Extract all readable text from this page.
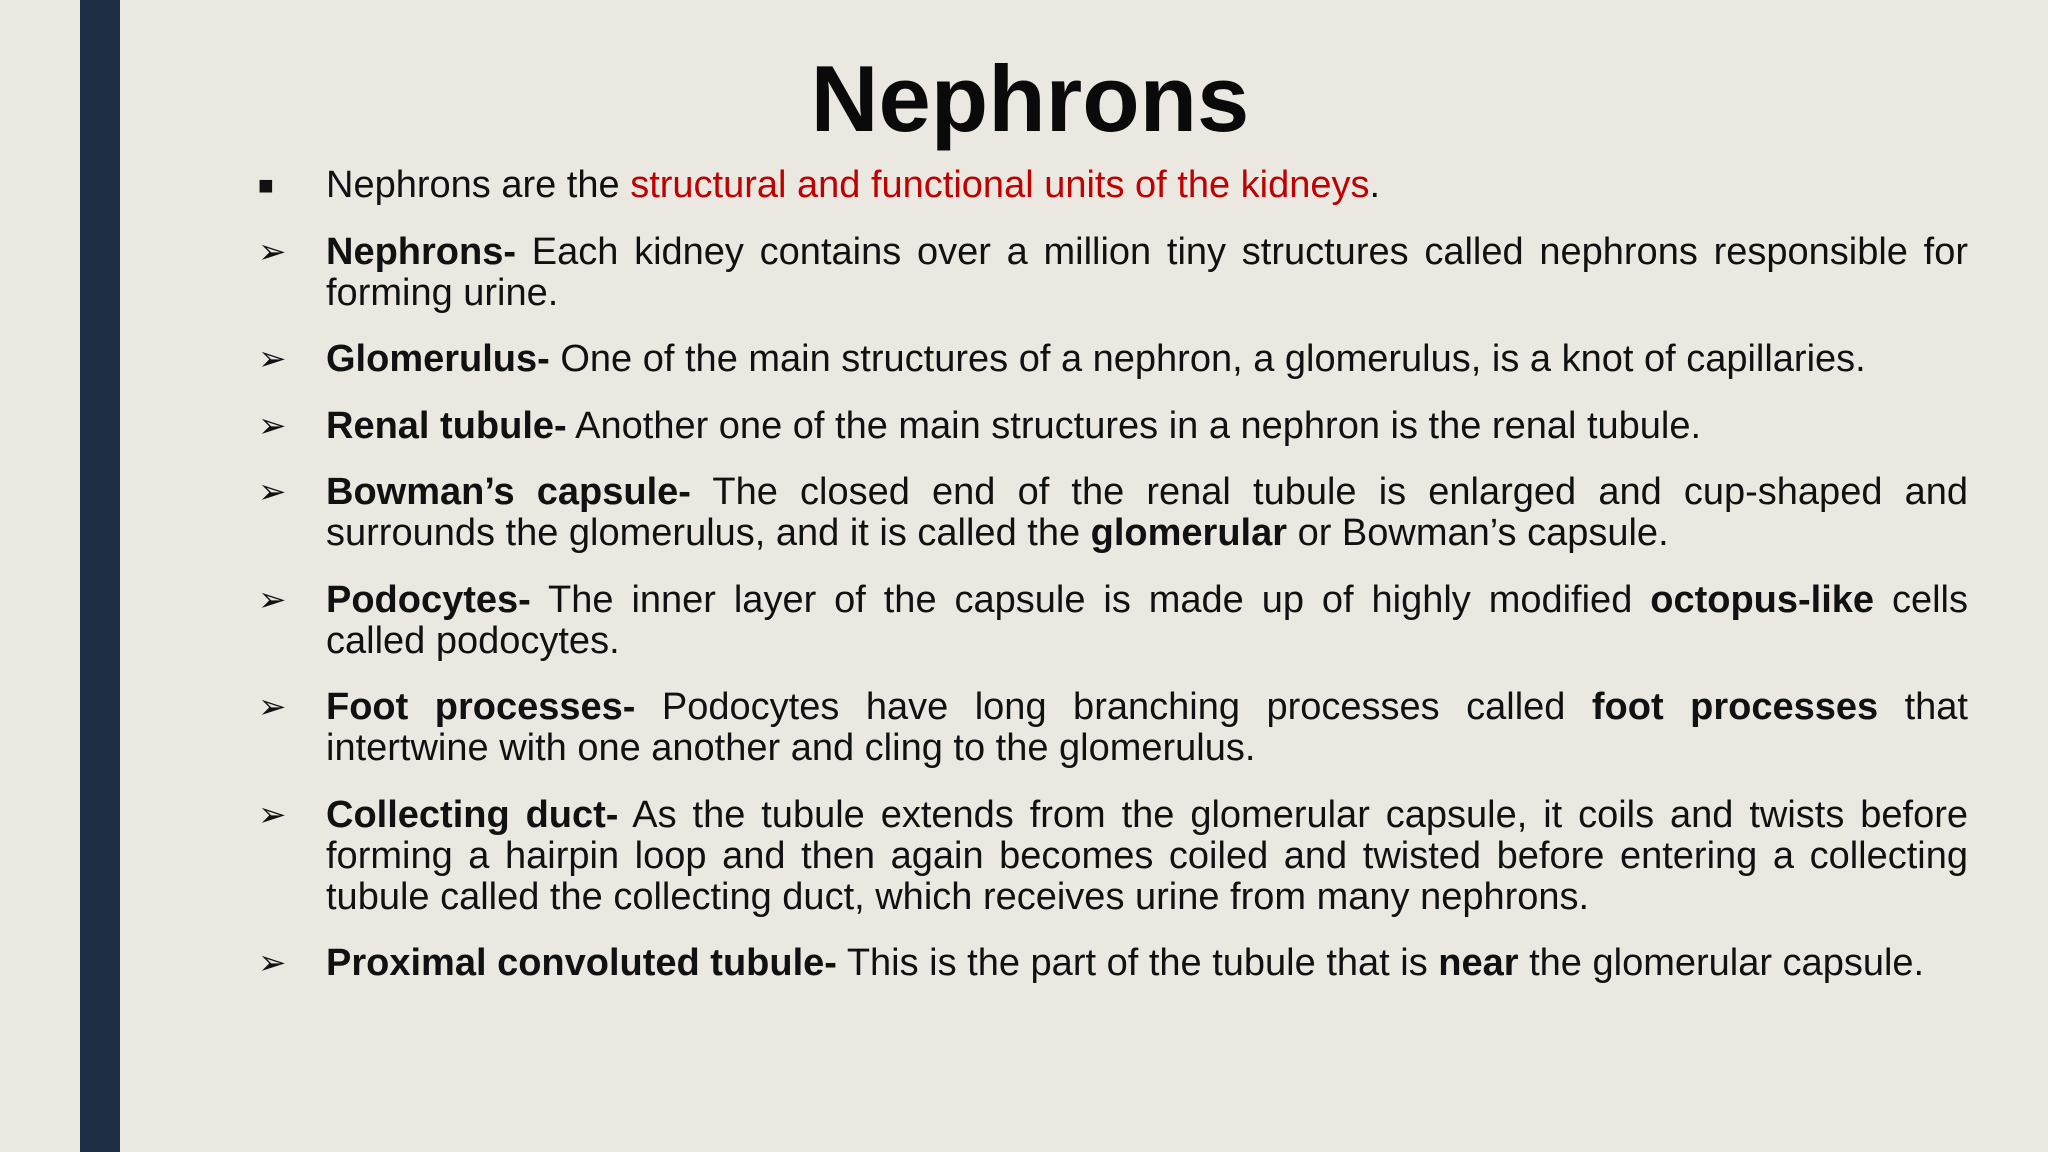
Nephrons
■	Nephrons are the structural and functional units of the kidneys.
➢	Nephrons- Each kidney contains over a million tiny structures called nephrons responsible for forming urine.
➢	Glomerulus- One of the main structures of a nephron, a glomerulus, is a knot of capillaries.
➢	Renal tubule- Another one of the main structures in a nephron is the renal tubule.
➢	Bowman’s capsule- The closed end of the renal tubule is enlarged and cup-shaped and surrounds the glomerulus, and it is called the glomerular or Bowman’s capsule.
➢	Podocytes- The inner layer of the capsule is made up of highly modified octopus-like cells called podocytes.
➢	Foot processes- Podocytes have long branching processes called foot processes that intertwine with one another and cling to the glomerulus.
➢	Collecting duct- As the tubule extends from the glomerular capsule, it coils and twists before forming a hairpin loop and then again becomes coiled and twisted before entering a collecting tubule called the collecting duct, which receives urine from many nephrons.
➢	Proximal convoluted tubule- This is the part of the tubule that is near the glomerular capsule.
